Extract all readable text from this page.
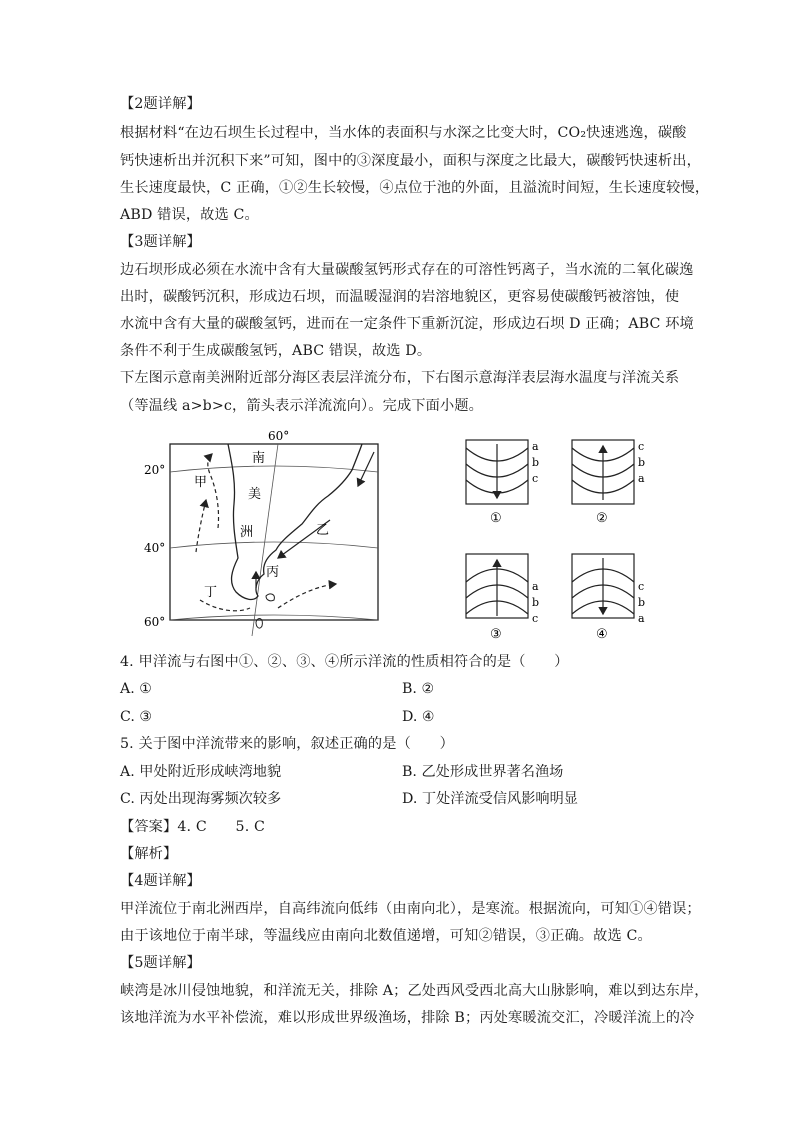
【2题详解】
根据材料“在边石坝生长过程中，当水体的表面积与水深之比变大时，CO₂快速逃逸，碳酸
钙快速析出并沉积下来”可知，图中的③深度最小，面积与深度之比最大，碳酸钙快速析出，
生长速度最快，C 正确，①②生长较慢，④点位于池的外面，且溢流时间短，生长速度较慢，
ABD 错误，故选 C。
【3题详解】
边石坝形成必须在水流中含有大量碳酸氢钙形式存在的可溶性钙离子，当水流的二氧化碳逸
出时，碳酸钙沉积，形成边石坝，而温暖湿润的岩溶地貌区，更容易使碳酸钙被溶蚀，使
水流中含有大量的碳酸氢钙，进而在一定条件下重新沉淀，形成边石坝 D 正确；ABC 环境
条件不利于生成碳酸氢钙，ABC 错误，故选 D。
下左图示意南美洲附近部分海区表层洋流分布，下右图示意海洋表层海水温度与洋流关系
（等温线 a>b>c，箭头表示洋流流向）。完成下面小题。
60°
20°
40°
60°
南
美
洲
甲
乙
丙
丁
a
b
c
①
c
b
a
②
a
b
c
③
c
b
a
④
4. 甲洋流与右图中①、②、③、④所示洋流的性质相符合的是（　　）
A. ①	B. ②
C. ③	D. ④
5. 关于图中洋流带来的影响，叙述正确的是（　　）
A. 甲处附近形成峡湾地貌	B. 乙处形成世界著名渔场
C. 丙处出现海雾频次较多	D. 丁处洋流受信风影响明显
【答案】4. C　　5. C
【解析】
【4题详解】
甲洋流位于南北洲西岸，自高纬流向低纬（由南向北），是寒流。根据流向，可知①④错误；
由于该地位于南半球，等温线应由南向北数值递增，可知②错误，③正确。故选 C。
【5题详解】
峡湾是冰川侵蚀地貌，和洋流无关，排除 A；乙处西风受西北高大山脉影响，难以到达东岸，
该地洋流为水平补偿流，难以形成世界级渔场，排除 B；丙处寒暖流交汇，冷暖洋流上的冷
